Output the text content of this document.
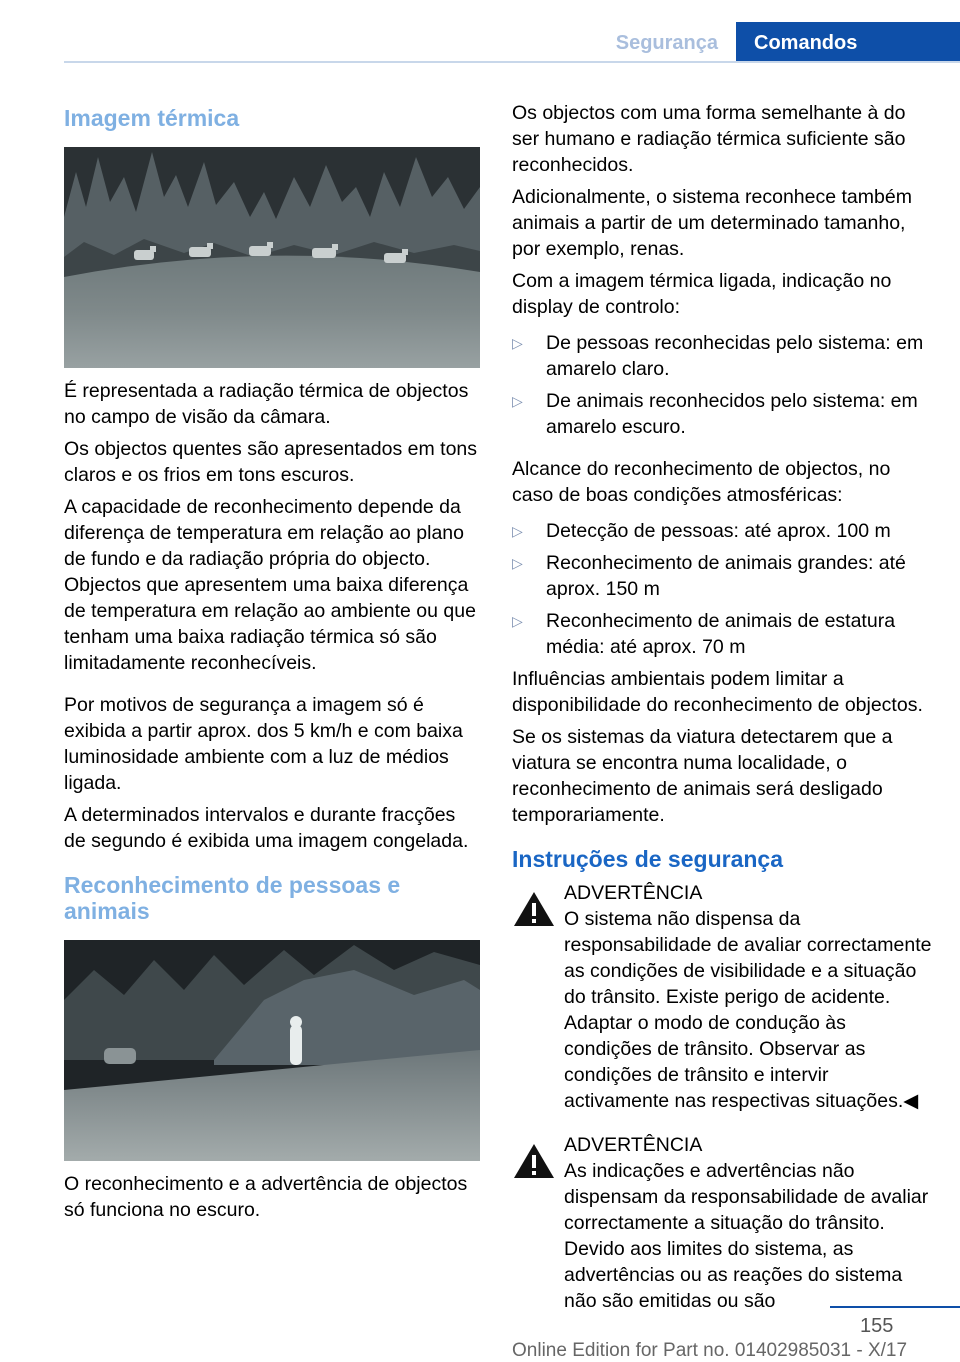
Segurança	Comandos
Imagem térmica

É representada a radiação térmica de objectos no campo de visão da câmara.

Os objectos quentes são apresentados em tons claros e os frios em tons escuros.

A capacidade de reconhecimento depende da diferença de temperatura em relação ao plano de fundo e da radiação própria do objecto. Objectos que apresentem uma baixa diferença de temperatura em relação ao ambiente ou que tenham uma baixa radiação térmica só são limitadamente reconhecíveis.

Por motivos de segurança a imagem só é exibida a partir aprox. dos 5 km/h e com baixa luminosidade ambiente com a luz de médios ligada.

A determinados intervalos e durante fracções de segundo é exibida uma imagem congelada.

Reconhecimento de pessoas e animais

O reconhecimento e a advertência de objectos só funciona no escuro.

Os objectos com uma forma semelhante à do ser humano e radiação térmica suficiente são reconhecidos.

Adicionalmente, o sistema reconhece também animais a partir de um determinado tamanho, por exemplo, renas.

Com a imagem térmica ligada, indicação no display de controlo:

▷ De pessoas reconhecidas pelo sistema: em amarelo claro.
▷ De animais reconhecidos pelo sistema: em amarelo escuro.

Alcance do reconhecimento de objectos, no caso de boas condições atmosféricas:

▷ Detecção de pessoas: até aprox. 100 m
▷ Reconhecimento de animais grandes: até aprox. 150 m
▷ Reconhecimento de animais de estatura média: até aprox. 70 m

Influências ambientais podem limitar a disponibilidade do reconhecimento de objectos.

Se os sistemas da viatura detectarem que a viatura se encontra numa localidade, o reconhecimento de animais será desligado temporariamente.

Instruções de segurança
ADVERTÊNCIA
O sistema não dispensa da responsabilidade de avaliar correctamente as condições de visibilidade e a situação do trânsito. Existe perigo de acidente. Adaptar o modo de condução às condições de trânsito. Observar as condições de trânsito e intervir activamente nas respectivas situações.◀
ADVERTÊNCIA
As indicações e advertências não dispensam da responsabilidade de avaliar correctamente a situação do trânsito. Devido aos limites do sistema, as advertências ou as reações do sistema não são emitidas ou são
155
Online Edition for Part no. 01402985031 - X/17
